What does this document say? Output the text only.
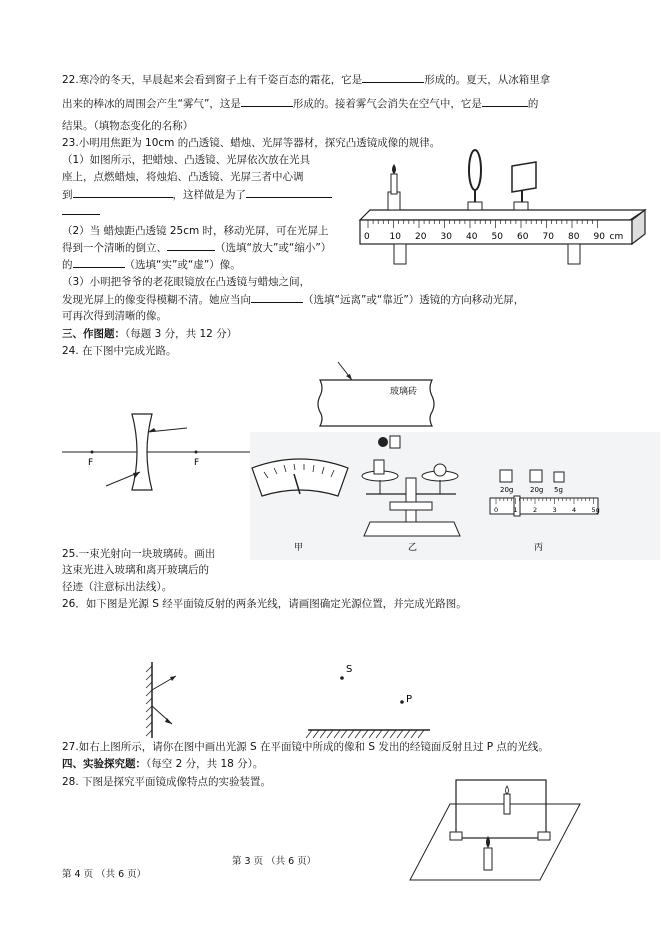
22.寒冷的冬天，早晨起来会看到窗子上有千姿百态的霜花，它是	形成的。夏天，从冰箱里拿
出来的棒冰的周围会产生“雾气”，这是	形成的。接着雾气会消失在空气中，它是	的
结果。（填物态变化的名称）
23.小明用焦距为 10cm 的凸透镜、蜡烛、光屏等器材，探究凸透镜成像的规律。
（1）如图所示，把蜡烛、凸透镜、光屏依次放在光具
座上，点燃蜡烛，将烛焰、凸透镜、光屏三者中心调
到	，这样做是为了
（2）当 蜡烛距凸透镜 25cm 时，移动光屏，可在光屏上
得到一个清晰的倒立、	（选填“放大”或“缩小”）
的	（选填“实”或“虚”）像。
（3）小明把爷爷的老花眼镜放在凸透镜与蜡烛之间，
发现光屏上的像变得模糊不清。她应当向	（选填“远离”或“靠近”）透镜的方向移动光屏，
可再次得到清晰的像。
0 10 20 30 40 50 60 70 80 90 cm
三、作图题：（每题 3 分，共 12 分）
24. 在下图中完成光路。
F	F
玻璃砖
20g 20g 5g
0 1 2 3 4 5g
甲	乙	丙
25.一束光射向一块玻璃砖。画出
这束光进入玻璃和离开玻璃后的
径迹（注意标出法线）。
26．如下图是光源 S 经平面镜反射的两条光线，请画图确定光源位置，并完成光路图。
S
P
27.如右上图所示，请你在图中画出光源 S 在平面镜中所成的像和 S 发出的经镜面反射且过 P 点的光线。
四、实验探究题：（每空 2 分，共 18 分）。
28. 下图是探究平面镜成像特点的实验装置。
第 3 页 （共 6 页）
第 4 页 （共 6 页）
